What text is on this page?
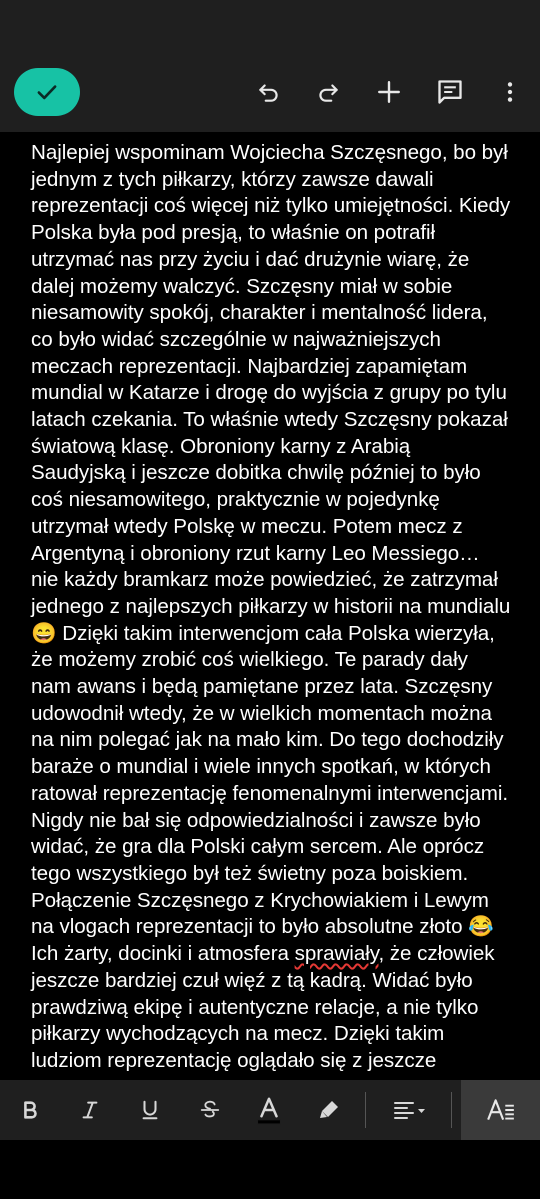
Najlepiej wspominam Wojciecha Szczęsnego, bo był
jednym z tych piłkarzy, którzy zawsze dawali
reprezentacji coś więcej niż tylko umiejętności. Kiedy
Polska była pod presją, to właśnie on potrafił
utrzymać nas przy życiu i dać drużynie wiarę, że
dalej możemy walczyć. Szczęsny miał w sobie
niesamowity spokój, charakter i mentalność lidera,
co było widać szczególnie w najważniejszych
meczach reprezentacji. Najbardziej zapamiętam
mundial w Katarze i drogę do wyjścia z grupy po tylu
latach czekania. To właśnie wtedy Szczęsny pokazał
światową klasę. Obroniony karny z Arabią
Saudyjską i jeszcze dobitka chwilę później to było
coś niesamowitego, praktycznie w pojedynkę
utrzymał wtedy Polskę w meczu. Potem mecz z
Argentyną i obroniony rzut karny Leo Messiego…
nie każdy bramkarz może powiedzieć, że zatrzymał
jednego z najlepszych piłkarzy w historii na mundialu
😄 Dzięki takim interwencjom cała Polska wierzyła,
że możemy zrobić coś wielkiego. Te parady dały
nam awans i będą pamiętane przez lata. Szczęsny
udowodnił wtedy, że w wielkich momentach można
na nim polegać jak na mało kim. Do tego dochodziły
baraże o mundial i wiele innych spotkań, w których
ratował reprezentację fenomenalnymi interwencjami.
Nigdy nie bał się odpowiedzialności i zawsze było
widać, że gra dla Polski całym sercem. Ale oprócz
tego wszystkiego był też świetny poza boiskiem.
Połączenie Szczęsnego z Krychowiakiem i Lewym
na vlogach reprezentacji to było absolutne złoto 😂
Ich żarty, docinki i atmosfera sprawiały, że człowiek
jeszcze bardziej czuł więź z tą kadrą. Widać było
prawdziwą ekipę i autentyczne relacje, a nie tylko
piłkarzy wychodzących na mecz. Dzięki takim
ludziom reprezentację oglądało się z jeszcze
